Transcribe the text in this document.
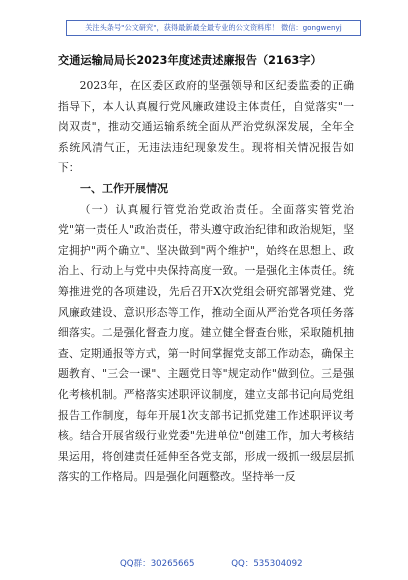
关注头条号"公文研究"，获得最新最全最专业的公文资料库！ 微信：gongwenyj
交通运输局局长2023年度述责述廉报告（2163字）

2023年，在区委区政府的坚强领导和区纪委监委的正确指导下，本人认真履行党风廉政建设主体责任，自觉落实"一岗双责"，推动交通运输系统全面从严治党纵深发展，全年全系统风清气正，无违法违纪现象发生。现将相关情况报告如下：

一、工作开展情况

（一）认真履行管党治党政治责任。全面落实管党治党"第一责任人"政治责任，带头遵守政治纪律和政治规矩，坚定拥护"两个确立"、坚决做到"两个维护"，始终在思想上、政治上、行动上与党中央保持高度一致。一是强化主体责任。统筹推进党的各项建设，先后召开X次党组会研究部署党建、党风廉政建设、意识形态等工作，推动全面从严治党各项任务落细落实。二是强化督查力度。建立健全督查台账，采取随机抽查、定期通报等方式，第一时间掌握党支部工作动态，确保主题教育、"三会一课"、主题党日等"规定动作"做到位。三是强化考核机制。严格落实述职评议制度，建立支部书记向局党组报告工作制度，每年开展1次支部书记抓党建工作述职评议考核。结合开展省级行业党委"先进单位"创建工作，加大考核结果运用，将创建责任延伸至各党支部，形成一级抓一级层层抓落实的工作格局。四是强化问题整改。坚持举一反

QQ群：30265665	QQ：535304092
